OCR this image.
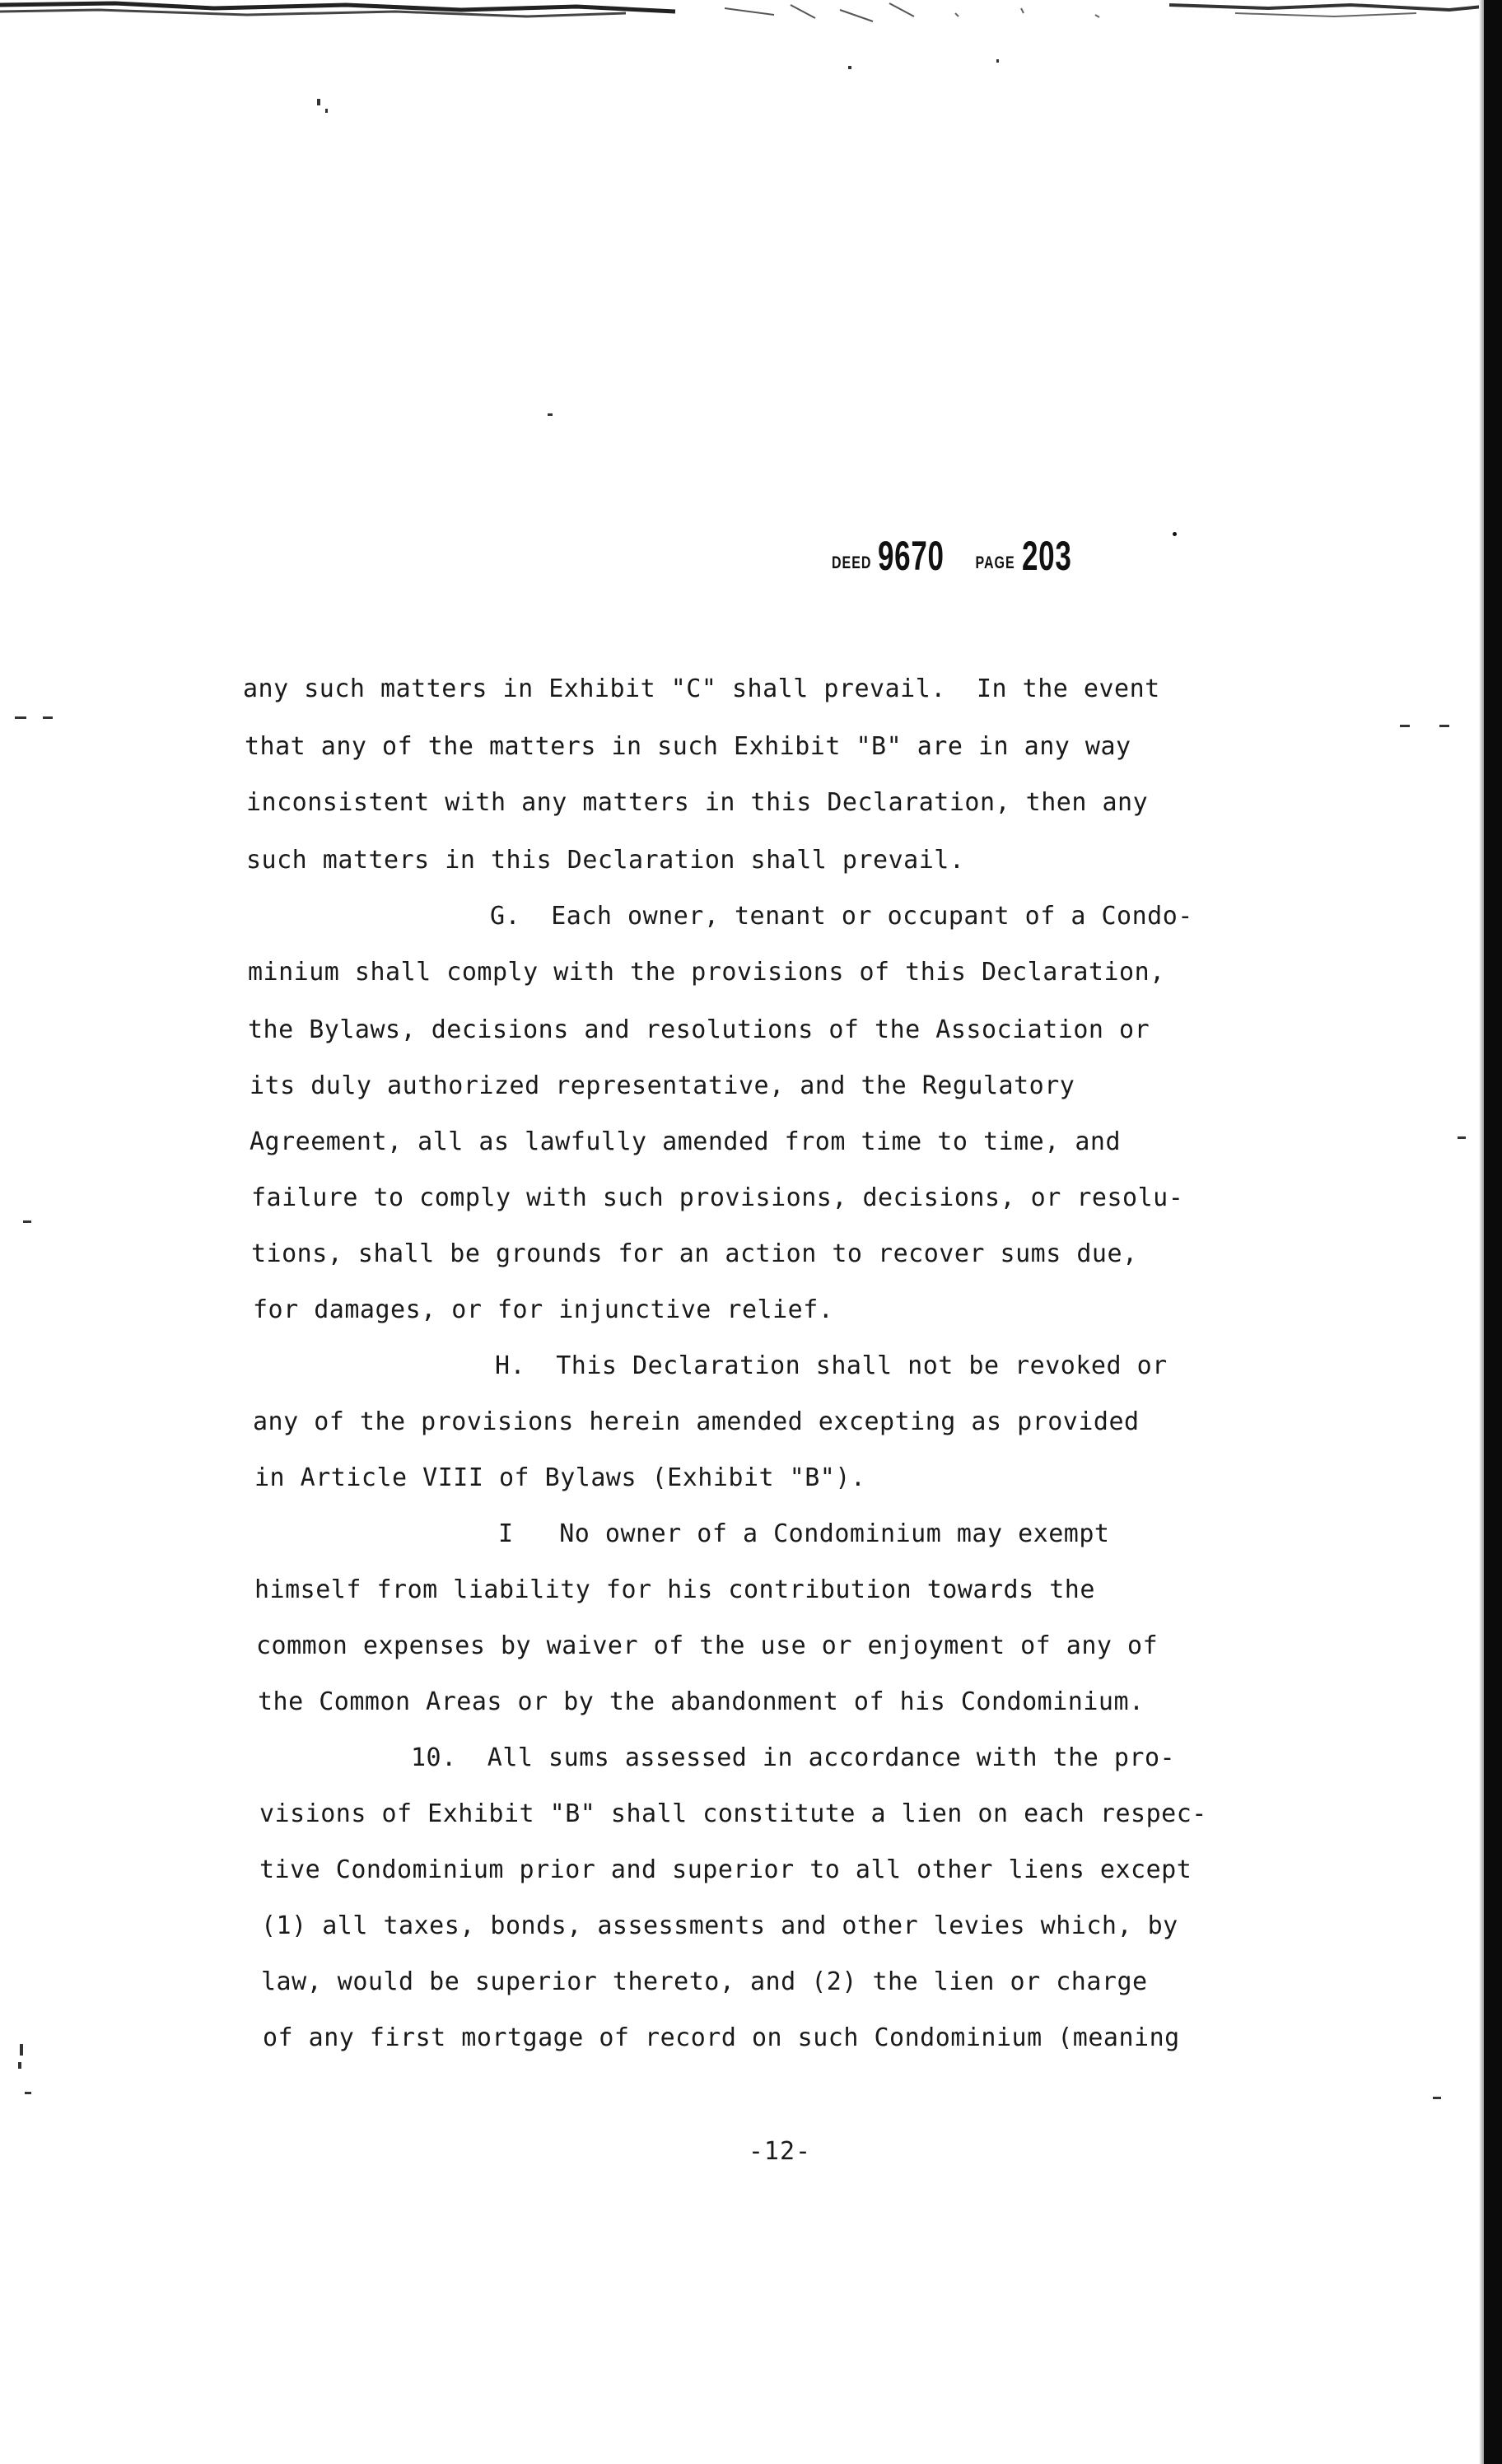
DEED 9670 PAGE 203
any such matters in Exhibit "C" shall prevail.  In the event
that any of the matters in such Exhibit "B" are in any way
inconsistent with any matters in this Declaration, then any
such matters in this Declaration shall prevail.
G.  Each owner, tenant or occupant of a Condo-
minium shall comply with the provisions of this Declaration,
the Bylaws, decisions and resolutions of the Association or
its duly authorized representative, and the Regulatory
Agreement, all as lawfully amended from time to time, and
failure to comply with such provisions, decisions, or resolu-
tions, shall be grounds for an action to recover sums due,
for damages, or for injunctive relief.
H.  This Declaration shall not be revoked or
any of the provisions herein amended excepting as provided
in Article VIII of Bylaws (Exhibit "B").
I   No owner of a Condominium may exempt
himself from liability for his contribution towards the
common expenses by waiver of the use or enjoyment of any of
the Common Areas or by the abandonment of his Condominium.
10.  All sums assessed in accordance with the pro-
visions of Exhibit "B" shall constitute a lien on each respec-
tive Condominium prior and superior to all other liens except
(1) all taxes, bonds, assessments and other levies which, by
law, would be superior thereto, and (2) the lien or charge
of any first mortgage of record on such Condominium (meaning
-12-
